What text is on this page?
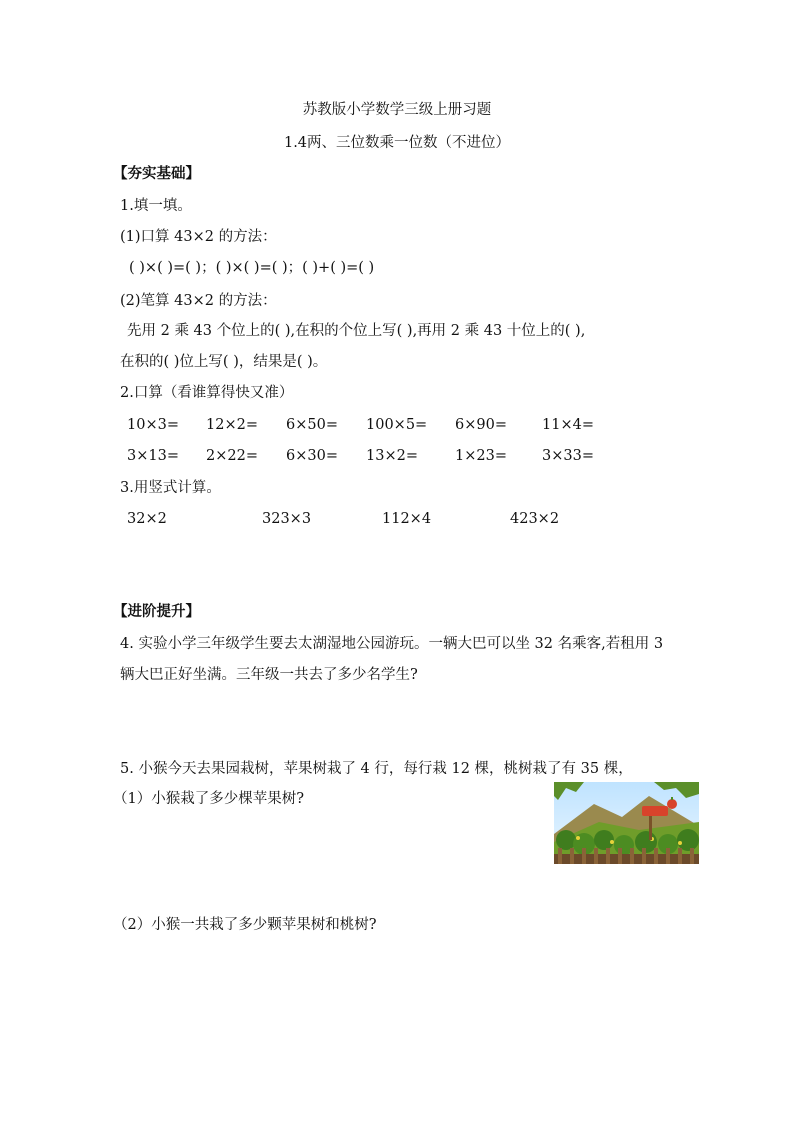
苏教版小学数学三级上册习题
1.4两、三位数乘一位数（不进位）
【夯实基础】
1.填一填。
(1)口算 43×2 的方法：
( )×( )=( )；( )×( )=( )；( )+( )=( )
(2)笔算 43×2 的方法：
先用 2 乘 43 个位上的( ),在积的个位上写( ),再用 2 乘 43 十位上的( ),
在积的( )位上写( )，结果是( )。
2.口算（看谁算得快又准）
10×3= 12×2= 6×50= 100×5= 6×90= 11×4=
3×13= 2×22= 6×30= 13×2=	1×23= 3×33=
3.用竖式计算。
32×2	323×3	112×4	423×2
【进阶提升】
4. 实验小学三年级学生要去太湖湿地公园游玩。一辆大巴可以坐 32 名乘客,若租用 3
辆大巴正好坐满。三年级一共去了多少名学生?
5. 小猴今天去果园栽树，苹果树栽了 4 行，每行栽 12 棵，桃树栽了有 35 棵，
（1）小猴栽了多少棵苹果树?
（2）小猴一共栽了多少颗苹果树和桃树?
